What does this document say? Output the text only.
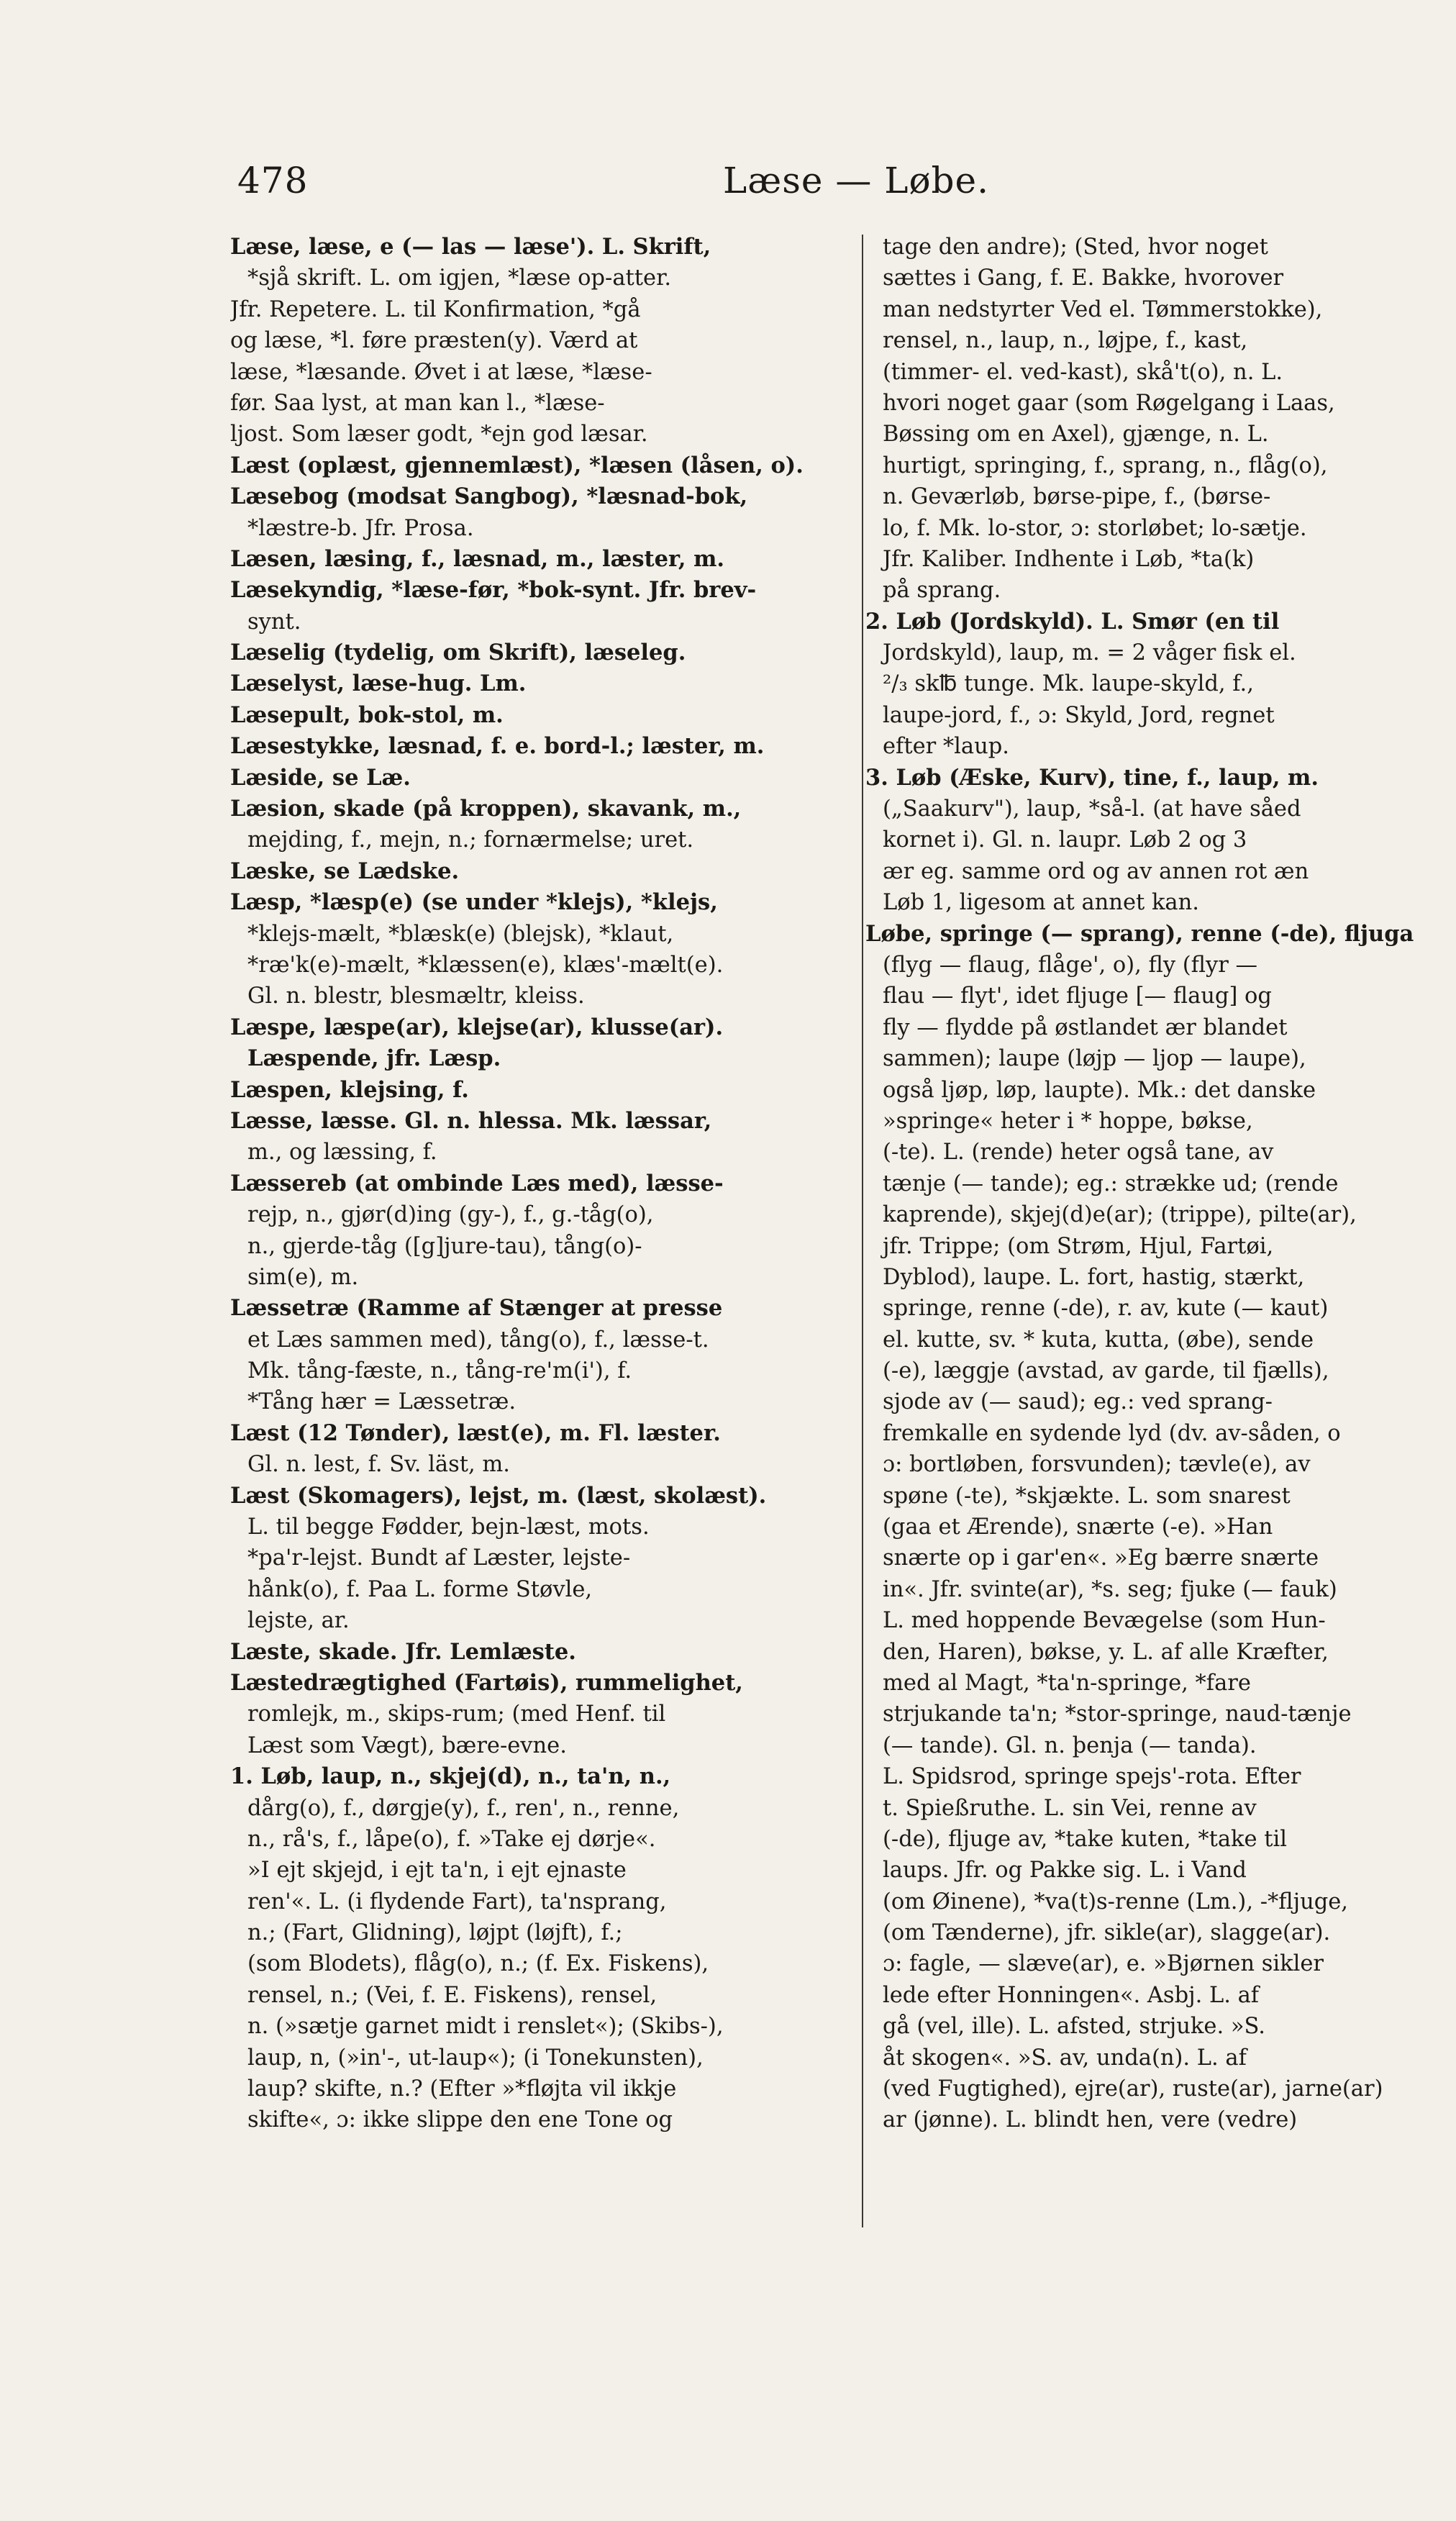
478	Læse — Løbe.
Læse, læse, e (— las — læse'). L. Skrift,
*sjå skrift. L. om igjen, *læse op-atter.
Jfr. Repetere. L. til Konfirmation, *gå
og læse, *l. føre præsten(y). Værd at
læse, *læsande. Øvet i at læse, *læse-
før. Saa lyst, at man kan l., *læse-
ljost. Som læser godt, *ejn god læsar.
Læst (oplæst, gjennemlæst), *læsen (låsen, o).
Læsebog (modsat Sangbog), *læsnad-bok,
*læstre-b. Jfr. Prosa.
Læsen, læsing, f., læsnad, m., læster, m.
Læsekyndig, *læse-før, *bok-synt. Jfr. brev-
synt.
Læselig (tydelig, om Skrift), læseleg.
Læselyst, læse-hug. Lm.
Læsepult, bok-stol, m.
Læsestykke, læsnad, f. e. bord-l.; læster, m.
Læside, se Læ.
Læsion, skade (på kroppen), skavank, m.,
mejding, f., mejn, n.; fornærmelse; uret.
Læske, se Lædske.
Læsp, *læsp(e) (se under *klejs), *klejs,
*klejs-mælt, *blæsk(e) (blejsk), *klaut,
*ræ'k(e)-mælt, *klæssen(e), klæs'-mælt(e).
Gl. n. blestr, blesmæltr, kleiss.
Læspe, læspe(ar), klejse(ar), klusse(ar).
Læspende, jfr. Læsp.
Læspen, klejsing, f.
Læsse, læsse. Gl. n. hlessa. Mk. læssar,
m., og læssing, f.
Læssereb (at ombinde Læs med), læsse-
rejp, n., gjør(d)ing (gy-), f., g.-tåg(o),
n., gjerde-tåg ([g]jure-tau), tång(o)-
sim(e), m.
Læssetræ (Ramme af Stænger at presse
et Læs sammen med), tång(o), f., læsse-t.
Mk. tång-fæste, n., tång-re'm(i'), f.
*Tång hær = Læssetræ.
Læst (12 Tønder), læst(e), m. Fl. læster.
Gl. n. lest, f. Sv. läst, m.
Læst (Skomagers), lejst, m. (læst, skolæst).
L. til begge Fødder, bejn-læst, mots.
*pa'r-lejst. Bundt af Læster, lejste-
hånk(o), f. Paa L. forme Støvle,
lejste, ar.
Læste, skade. Jfr. Lemlæste.
Læstedrægtighed (Fartøis), rummelighet,
romlejk, m., skips-rum; (med Henf. til
Læst som Vægt), bære-evne.
1. Løb, laup, n., skjej(d), n., ta'n, n.,
dårg(o), f., dørgje(y), f., ren', n., renne,
n., rå's, f., låpe(o), f. »Take ej dørje«.
»I ejt skjejd, i ejt ta'n, i ejt ejnaste
ren'«. L. (i flydende Fart), ta'nsprang,
n.; (Fart, Glidning), løjpt (løjft), f.;
(som Blodets), flåg(o), n.; (f. Ex. Fiskens),
rensel, n.; (Vei, f. E. Fiskens), rensel,
n. (»sætje garnet midt i renslet«); (Skibs-),
laup, n, (»in'-, ut-laup«); (i Tonekunsten),
laup? skifte, n.? (Efter »*fløjta vil ikkje
skifte«, ɔ: ikke slippe den ene Tone og
tage den andre); (Sted, hvor noget
sættes i Gang, f. E. Bakke, hvorover
man nedstyrter Ved el. Tømmerstokke),
rensel, n., laup, n., løjpe, f., kast,
(timmer- el. ved-kast), skå't(o), n. L.
hvori noget gaar (som Røgelgang i Laas,
Bøssing om en Axel), gjænge, n. L.
hurtigt, springing, f., sprang, n., flåg(o),
n. Geværløb, børse-pipe, f., (børse-
lo, f. Mk. lo-stor, ɔ: storløbet; lo-sætje.
Jfr. Kaliber. Indhente i Løb, *ta(k)
på sprang.
2. Løb (Jordskyld). L. Smør (en til
Jordskyld), laup, m. = 2 våger fisk el.
²/₃ sk℔ tunge. Mk. laupe-skyld, f.,
laupe-jord, f., ɔ: Skyld, Jord, regnet
efter *laup.
3. Løb (Æske, Kurv), tine, f., laup, m.
(„Saakurv"), laup, *så-l. (at have såed
kornet i). Gl. n. laupr. Løb 2 og 3
ær eg. samme ord og av annen rot æn
Løb 1, ligesom at annet kan.
Løbe, springe (— sprang), renne (-de), fljuga
(flyg — flaug, flåge', o), fly (flyr —
flau — flyt', idet fljuge [— flaug] og
fly — flydde på østlandet ær blandet
sammen); laupe (løjp — ljop — laupe),
også ljøp, løp, laupte). Mk.: det danske
»springe« heter i * hoppe, bøkse,
(-te). L. (rende) heter også tane, av
tænje (— tande); eg.: strække ud; (rende
kaprende), skjej(d)e(ar); (trippe), pilte(ar),
jfr. Trippe; (om Strøm, Hjul, Fartøi,
Dyblod), laupe. L. fort, hastig, stærkt,
springe, renne (-de), r. av, kute (— kaut)
el. kutte, sv. * kuta, kutta, (øbe), sende
(-e), læggje (avstad, av garde, til fjælls),
sjode av (— saud); eg.: ved sprang-
fremkalle en sydende lyd (dv. av-såden, o
ɔ: bortløben, forsvunden); tævle(e), av
spøne (-te), *skjækte. L. som snarest
(gaa et Ærende), snærte (-e). »Han
snærte op i gar'en«. »Eg bærre snærte
in«. Jfr. svinte(ar), *s. seg; fjuke (— fauk)
L. med hoppende Bevægelse (som Hun-
den, Haren), bøkse, y. L. af alle Kræfter,
med al Magt, *ta'n-springe, *fare
strjukande ta'n; *stor-springe, naud-tænje
(— tande). Gl. n. þenja (— tanda).
L. Spidsrod, springe spejs'-rota. Efter
t. Spießruthe. L. sin Vei, renne av
(-de), fljuge av, *take kuten, *take til
laups. Jfr. og Pakke sig. L. i Vand
(om Øinene), *va(t)s-renne (Lm.), -*fljuge,
(om Tænderne), jfr. sikle(ar), slagge(ar).
ɔ: fagle, — slæve(ar), e. »Bjørnen sikler
lede efter Honningen«. Asbj. L. af
gå (vel, ille). L. afsted, strjuke. »S.
åt skogen«. »S. av, unda(n). L. af
(ved Fugtighed), ejre(ar), ruste(ar), jarne(ar)
ar (jønne). L. blindt hen, vere (vedre)
